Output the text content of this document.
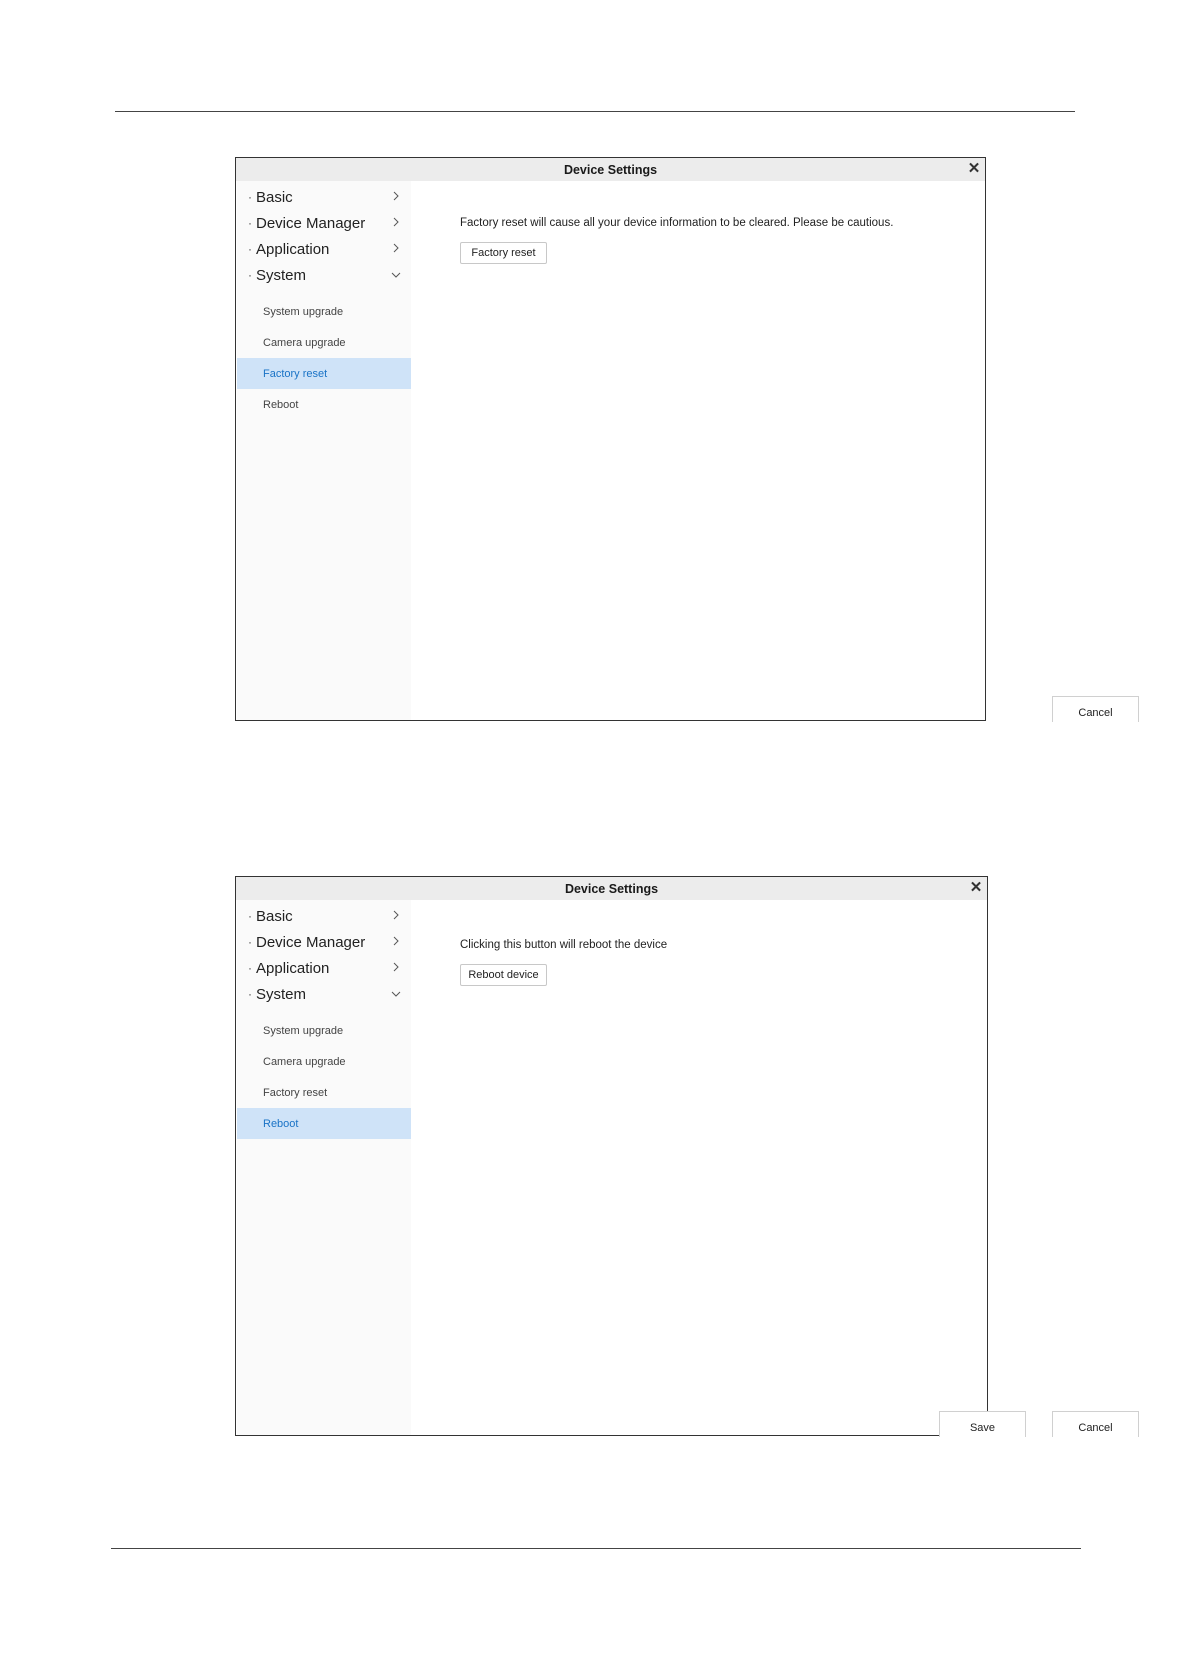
Device Settings	✕
· Basic
· Device Manager
· Application
· System
System upgrade
Camera upgrade
Factory reset
Reboot
Factory reset will cause all your device information to be cleared. Please be cautious.
Factory reset
Cancel
Device Settings	✕
· Basic
· Device Manager
· Application
· System
System upgrade
Camera upgrade
Factory reset
Reboot
Clicking this button will reboot the device
Reboot device
Save	Cancel
